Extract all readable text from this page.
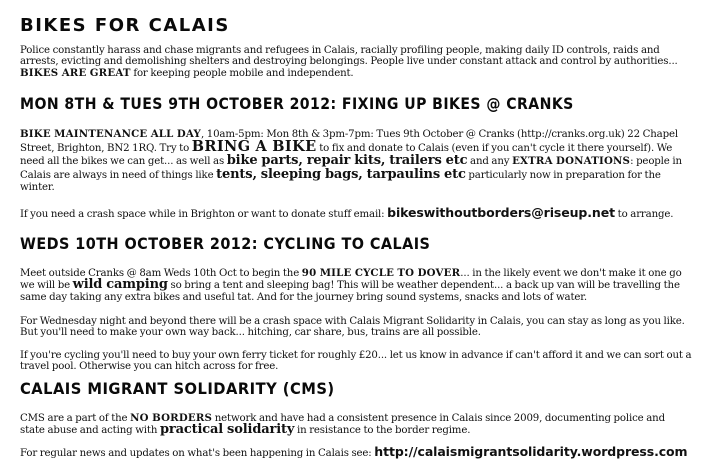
BIKES FOR CALAIS

Police constantly harass and chase migrants and refugees in Calais, racially profiling people, making daily ID controls, raids and arrests, evicting and demolishing shelters and destroying belongings. People live under constant attack and control by authorities...
BIKES ARE GREAT for keeping people mobile and independent.

MON 8TH & TUES 9TH OCTOBER 2012: FIXING UP BIKES @ CRANKS

BIKE MAINTENANCE ALL DAY, 10am-5pm: Mon 8th & 3pm-7pm: Tues 9th October @ Cranks (http://cranks.org.uk) 22 Chapel Street, Brighton, BN2 1RQ. Try to BRING A BIKE to fix and donate to Calais (even if you can't cycle it there yourself). We need all the bikes we can get... as well as bike parts, repair kits, trailers etc and any EXTRA DONATIONS: people in Calais are always in need of things like tents, sleeping bags, tarpaulins etc particularly now in preparation for the winter.

If you need a crash space while in Brighton or want to donate stuff email: bikeswithoutborders@riseup.net to arrange.

WEDS 10TH OCTOBER 2012: CYCLING TO CALAIS

Meet outside Cranks @ 8am Weds 10th Oct to begin the 90 MILE CYCLE TO DOVER... in the likely event we don't make it one go we will be wild camping so bring a tent and sleeping bag! This will be weather dependent... a back up van will be travelling the same day taking any extra bikes and useful tat. And for the journey bring sound systems, snacks and lots of water.

For Wednesday night and beyond there will be a crash space with Calais Migrant Solidarity in Calais, you can stay as long as you like. But you'll need to make your own way back... hitching, car share, bus, trains are all possible.

If you're cycling you'll need to buy your own ferry ticket for roughly £20... let us know in advance if can't afford it and we can sort out a travel pool. Otherwise you can hitch across for free.

CALAIS MIGRANT SOLIDARITY (CMS)

CMS are a part of the NO BORDERS network and have had a consistent presence in Calais since 2009, documenting police and state abuse and acting with practical solidarity in resistance to the border regime.

For regular news and updates on what's been happening in Calais see: http://calaismigrantsolidarity.wordpress.com
